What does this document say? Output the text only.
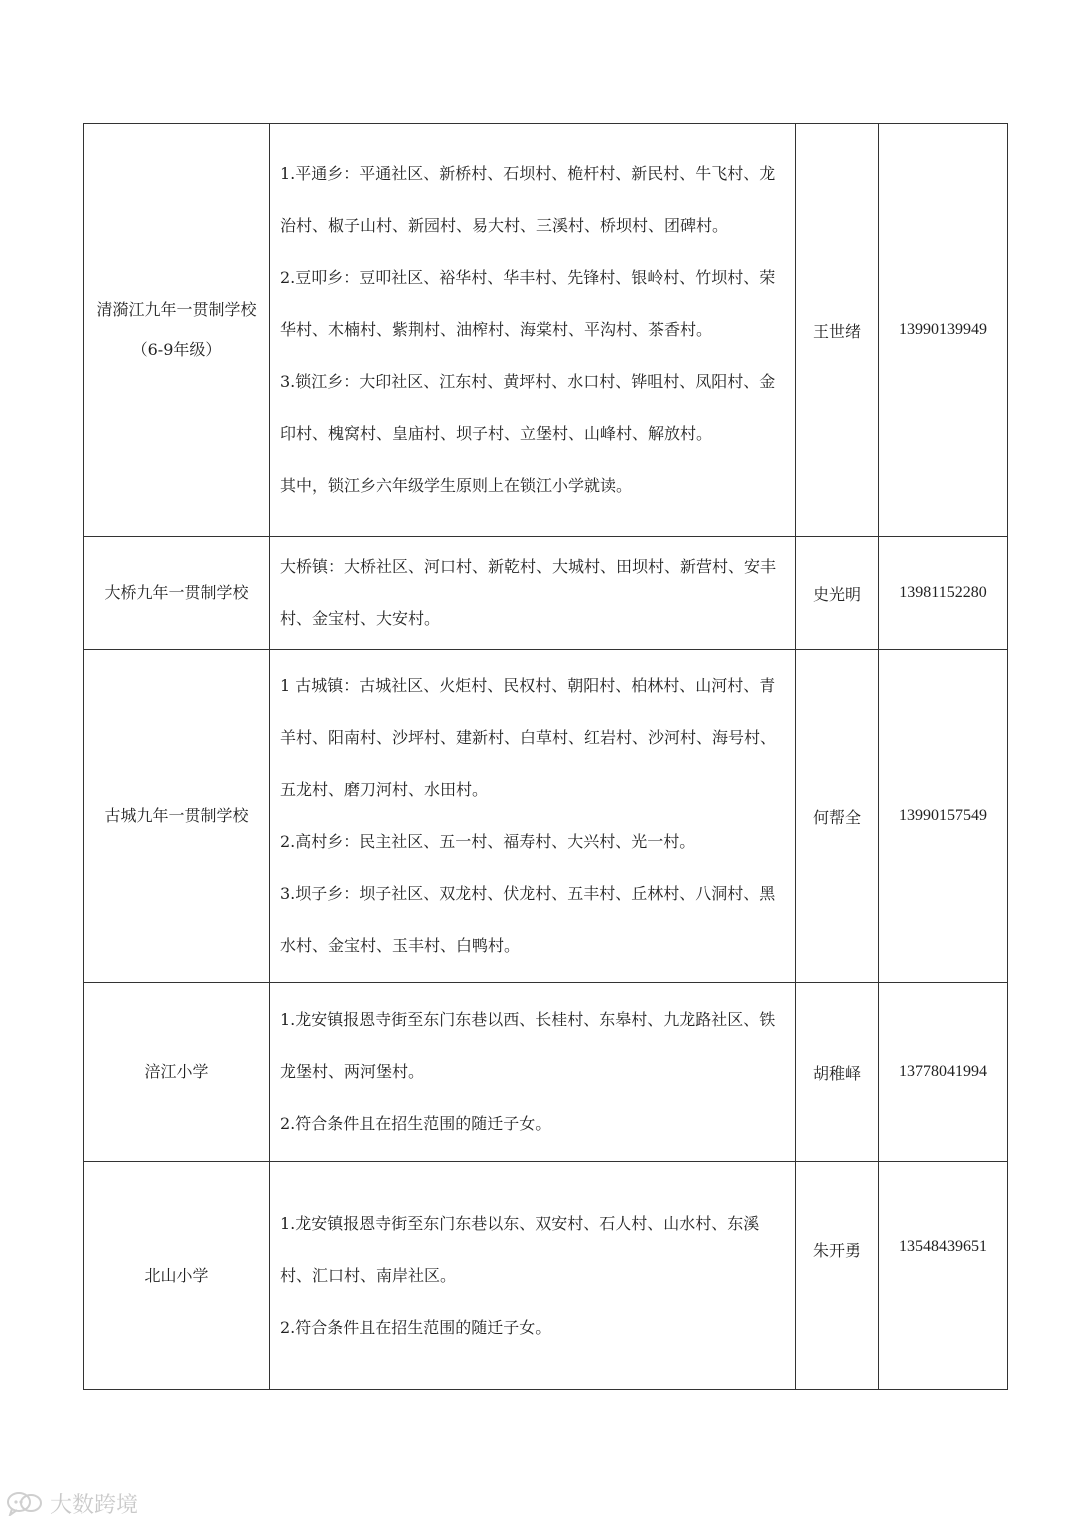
清漪江九年一贯制学校（6-9年级）	1.平通乡：平通社区、新桥村、石坝村、桅杆村、新民村、牛飞村、龙治村、椒子山村、新园村、易大村、三溪村、桥坝村、团碑村。

2.豆叩乡：豆叩社区、裕华村、华丰村、先锋村、银岭村、竹坝村、荣华村、木楠村、紫荆村、油榨村、海棠村、平沟村、茶香村。

3.锁江乡：大印社区、江东村、黄坪村、水口村、铧咀村、凤阳村、金印村、槐窝村、皇庙村、坝子村、立堡村、山峰村、解放村。

其中，锁江乡六年级学生原则上在锁江小学就读。	王世绪	13990139949
大桥九年一贯制学校	大桥镇：大桥社区、河口村、新乾村、大城村、田坝村、新营村、安丰村、金宝村、大安村。	史光明	13981152280
古城九年一贯制学校	1 古城镇：古城社区、火炬村、民权村、朝阳村、柏林村、山河村、青羊村、阳南村、沙坪村、建新村、白草村、红岩村、沙河村、海号村、五龙村、磨刀河村、水田村。

2.高村乡：民主社区、五一村、福寿村、大兴村、光一村。

3.坝子乡：坝子社区、双龙村、伏龙村、五丰村、丘林村、八洞村、黑水村、金宝村、玉丰村、白鸭村。	何帮全	13990157549
涪江小学	1.龙安镇报恩寺街至东门东巷以西、长桂村、东皋村、九龙路社区、铁龙堡村、两河堡村。

2.符合条件且在招生范围的随迁子女。	胡稚峄	13778041994
北山小学	1.龙安镇报恩寺街至东门东巷以东、双安村、石人村、山水村、东溪村、汇口村、南岸社区。

2.符合条件且在招生范围的随迁子女。	朱开勇	13548439651
大数跨境
